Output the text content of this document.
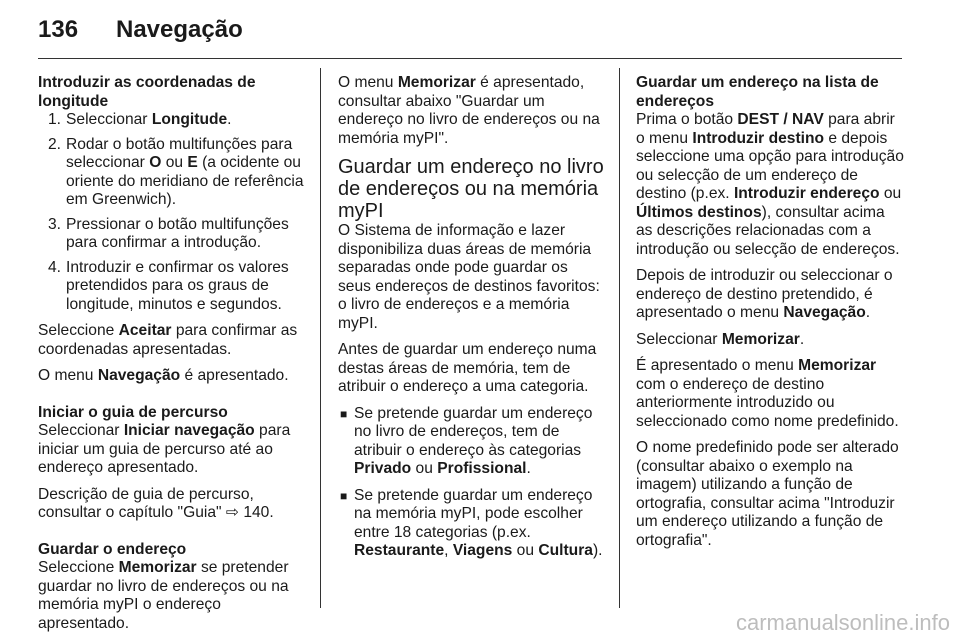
136 Navegação

Introduzir as coordenadas de longitude

1. Seleccionar Longitude.
2. Rodar o botão multifunções para seleccionar O ou E (a ocidente ou oriente do meridiano de referência em Greenwich).
3. Pressionar o botão multifunções para confirmar a introdução.
4. Introduzir e confirmar os valores pretendidos para os graus de longitude, minutos e segundos.

Seleccione Aceitar para confirmar as coordenadas apresentadas.

O menu Navegação é apresentado.

Iniciar o guia de percurso

Seleccionar Iniciar navegação para iniciar um guia de percurso até ao endereço apresentado.

Descrição de guia de percurso, consultar o capítulo "Guia" ⇨ 140.

Guardar o endereço

Seleccione Memorizar se pretender guardar no livro de endereços ou na memória myPI o endereço apresentado.

O menu Memorizar é apresentado, consultar abaixo "Guardar um endereço no livro de endereços ou na memória myPI".

Guardar um endereço no livro de endereços ou na memória myPI

O Sistema de informação e lazer disponibiliza duas áreas de memória separadas onde pode guardar os seus endereços de destinos favoritos: o livro de endereços e a memória myPI.

Antes de guardar um endereço numa destas áreas de memória, tem de atribuir o endereço a uma categoria.

■ Se pretende guardar um endereço no livro de endereços, tem de atribuir o endereço às categorias Privado ou Profissional.
■ Se pretende guardar um endereço na memória myPI, pode escolher entre 18 categorias (p.ex. Restaurante, Viagens ou Cultura).

Guardar um endereço na lista de endereços

Prima o botão DEST / NAV para abrir o menu Introduzir destino e depois seleccione uma opção para introdução ou selecção de um endereço de destino (p.ex. Introduzir endereço ou Últimos destinos), consultar acima as descrições relacionadas com a introdução ou selecção de endereços.

Depois de introduzir ou seleccionar o endereço de destino pretendido, é apresentado o menu Navegação.

Seleccionar Memorizar.

É apresentado o menu Memorizar com o endereço de destino anteriormente introduzido ou seleccionado como nome predefinido.

O nome predefinido pode ser alterado (consultar abaixo o exemplo na imagem) utilizando a função de ortografia, consultar acima "Introduzir um endereço utilizando a função de ortografia".

carmanualsonline.info
